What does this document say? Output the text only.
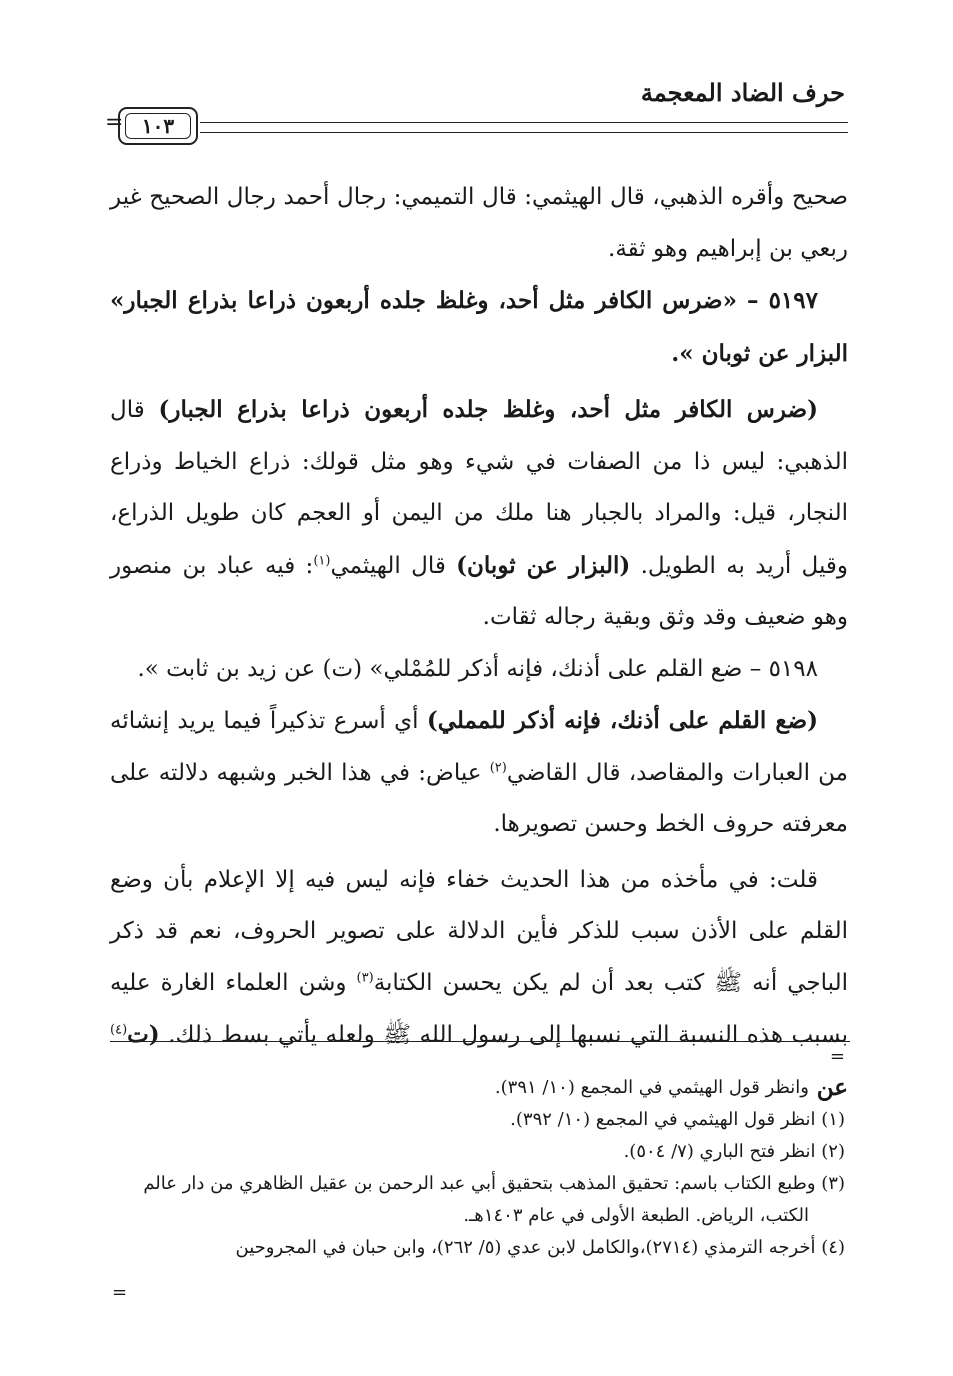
حرف الضاد المعجمة
١٠٣
=

صحيح وأقره الذهبي، قال الهيثمي: قال التميمي: رجال أحمد رجال الصحيح غير ربعي بن إبراهيم وهو ثقة.

٥١٩٧ – «ضرس الكافر مثل أحد، وغلظ جلده أربعون ذراعا بذراع الجبار» البزار عن ثوبان ».

(ضرس الكافر مثل أحد، وغلظ جلده أربعون ذراعا بذراع الجبار) قال الذهبي: ليس ذا من الصفات في شيء وهو مثل قولك: ذراع الخياط وذراع النجار، قيل: والمراد بالجبار هنا ملك من اليمن أو العجم كان طويل الذراع، وقيل أريد به الطويل. (البزار عن ثوبان) قال الهيثمي$^{(١)}$: فيه عباد بن منصور وهو ضعيف وقد وثق وبقية رجاله ثقات.

٥١٩٨ – ضع القلم على أذنك، فإنه أذكر للمُمْلي» (ت) عن زيد بن ثابت ».

(ضع القلم على أذنك، فإنه أذكر للمملي) أي أسرع تذكيراً فيما يريد إنشائه من العبارات والمقاصد، قال القاضي$^{(٢)}$ عياض: في هذا الخبر وشبهه دلالته على معرفته حروف الخط وحسن تصويرها.

قلت: في مأخذه من هذا الحديث خفاء فإنه ليس فيه إلا الإعلام بأن وضع القلم على الأذن سبب للذكر فأين الدلالة على تصوير الحروف، نعم قد ذكر الباجي أنه ﷺ كتب بعد أن لم يكن يحسن الكتابة$^{(٣)}$ وشن العلماء الغارة عليه بسبب هذه النسبة التي نسبها إلى رسول الله ﷺ ولعله يأتي بسط ذلك. (ت$^{(٤)}$ عن

=

وانظر قول الهيثمي في المجمع (١٠/ ٣٩١).

(١) انظر قول الهيثمي في المجمع (١٠/ ٣٩٢).

(٢) انظر فتح الباري (٧/ ٥٠٤).

(٣) وطبع الكتاب باسم: تحقيق المذهب بتحقيق أبي عبد الرحمن بن عقيل الظاهري من دار عالم

الكتب، الرياض. الطبعة الأولى في عام ١٤٠٣هـ.

(٤) أخرجه الترمذي (٢٧١٤)،والكامل لابن عدي (٥/ ٢٦٢)، وابن حبان في المجروحين

=
